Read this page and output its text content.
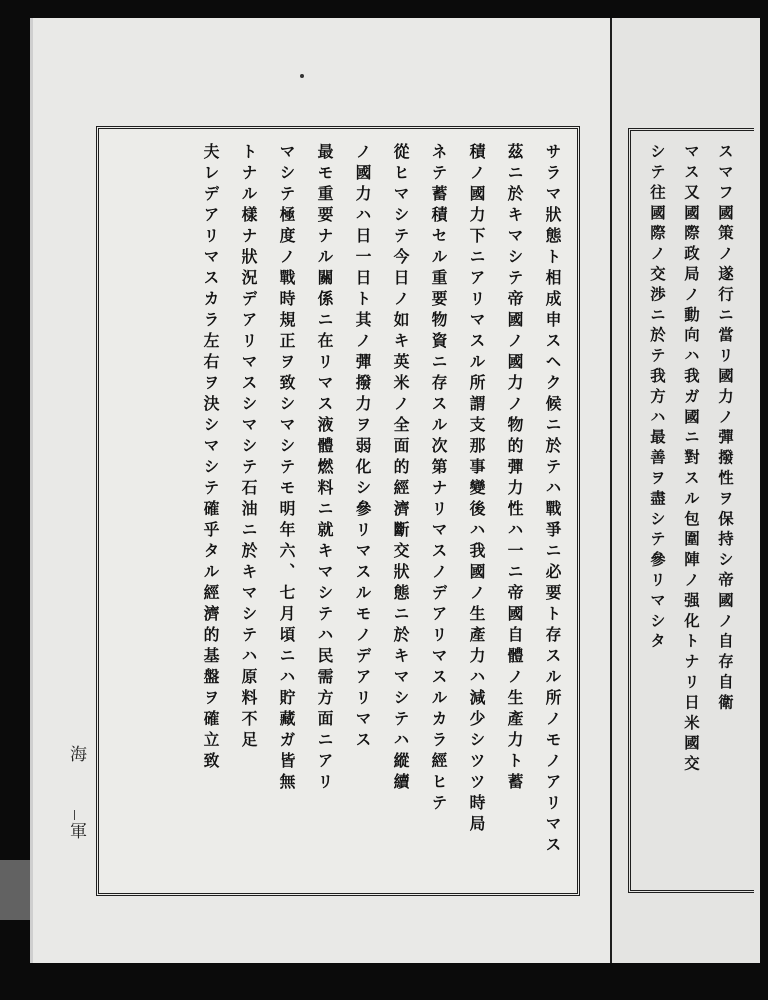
サラマ狀態ト相成申スヘク候ニ於テハ戰爭ニ必要ト存スル所ノモノアリマス
茲ニ於キマシテ帝國ノ國力ノ物的彈力性ハ一ニ帝國自體ノ生產力ト蓄
積ノ國力下ニアリマスル所謂支那事變後ハ我國ノ生產力ハ減少シツツ時局
ネテ蓄積セル重要物資ニ存スル次第ナリマスノデアリマスルカラ經ヒテ
從ヒマシテ今日ノ如キ英米ノ全面的經濟斷交狀態ニ於キマシテハ縱續
ノ國力ハ日一日ト其ノ彈撥力ヲ弱化シ參リマスルモノデアリマス
最モ重要ナル關係ニ在リマス液體燃料ニ就キマシテハ民需方面ニアリ
マシテ極度ノ戰時規正ヲ致シマシテモ明年六、七月頃ニハ貯藏ガ皆無
トナル樣ナ狀況デアリマスシマシテ石油ニ於キマシテハ原料不足
夫レデアリマスカラ左右ヲ決シマシテ確乎タル經濟的基盤ヲ確立致	スマフ國策ノ遂行ニ當リ國力ノ彈撥性ヲ保持シ帝國ノ自存自衛
マス又國際政局ノ動向ハ我ガ國ニ對スル包圍陣ノ强化トナリ日米國交
シテ往國際ノ交渉ニ於テ我方ハ最善ヲ盡シテ參リマシタ
海
軍
